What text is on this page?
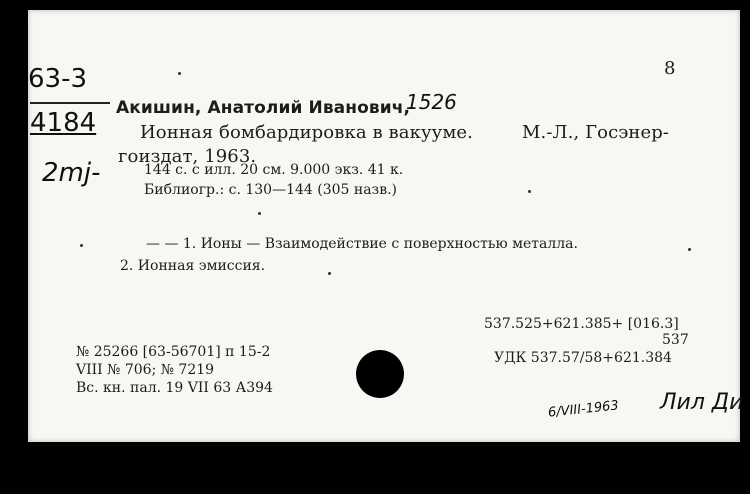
63-3
4184
2mj-
8
Акишин, Анатолий Иванович,
1526
Ионная бомбардировка в вакууме.	М.-Л., Госэнер-
гоиздат, 1963.
144 с. с илл. 20 см. 9.000 экз. 41 к.
Библиогр.: с. 130—144 (305 назв.)
— — 1. Ионы — Взаимодействие с поверхностью металла.
2. Ионная эмиссия.
537.525+621.385+ [016.3]
537
УДК 537.57/58+621.384
№ 25266 [63-56701] п 15-2
VIII № 706; № 7219
Вс. кн. пал. 19 VII 63 А394
6/VIII-1963 Лил Ди
